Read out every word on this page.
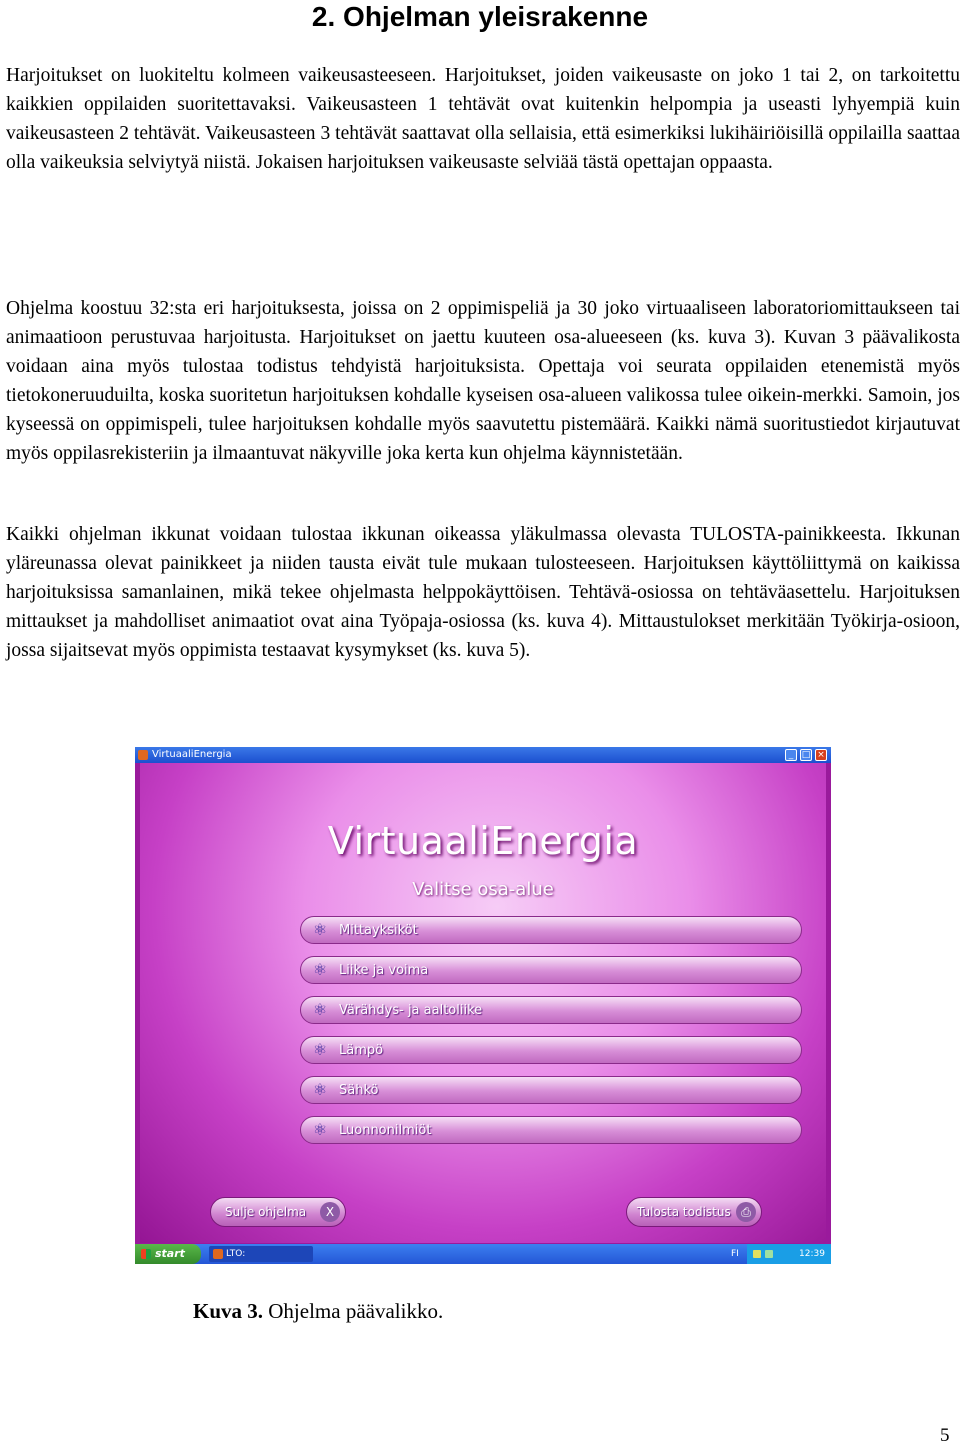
2. Ohjelman yleisrakenne

Harjoitukset on luokiteltu kolmeen vaikeusasteeseen. Harjoitukset, joiden vaikeusaste on joko 1 tai 2, on tarkoitettu kaikkien oppilaiden suoritettavaksi. Vaikeusasteen 1 tehtävät ovat kuitenkin helpompia ja useasti lyhyempiä kuin vaikeusasteen 2 tehtävät. Vaikeusasteen 3 tehtävät saattavat olla sellaisia, että esimerkiksi lukihäiriöisillä oppilailla saattaa olla vaikeuksia selviytyä niistä. Jokaisen harjoituksen vaikeusaste selviää tästä opettajan oppaasta.

Ohjelma koostuu 32:sta eri harjoituksesta, joissa on 2 oppimispeliä ja 30 joko virtuaaliseen laboratoriomittaukseen tai animaatioon perustuvaa harjoitusta. Harjoitukset on jaettu kuuteen osa-alueeseen (ks. kuva 3). Kuvan 3 päävalikosta voidaan aina myös tulostaa todistus tehdyistä harjoituksista. Opettaja voi seurata oppilaiden etenemistä myös tietokoneruuduilta, koska suoritetun harjoituksen kohdalle kyseisen osa-alueen valikossa tulee oikein-merkki. Samoin, jos kyseessä on oppimispeli, tulee harjoituksen kohdalle myös saavutettu pistemäärä. Kaikki nämä suoritustiedot kirjautuvat myös oppilasrekisteriin ja ilmaantuvat näkyville joka kerta kun ohjelma käynnistetään.

Kaikki ohjelman ikkunat voidaan tulostaa ikkunan oikeassa yläkulmassa olevasta TULOSTA-painikkeesta. Ikkunan yläreunassa olevat painikkeet ja niiden tausta eivät tule mukaan tulosteeseen. Harjoituksen käyttöliittymä on kaikissa harjoituksissa samanlainen, mikä tekee ohjelmasta helppokäyttöisen. Tehtävä-osiossa on tehtäväasettelu. Harjoituksen mittaukset ja mahdolliset animaatiot ovat aina Työpaja-osiossa (ks. kuva 4). Mittaustulokset merkitään Työkirja-osioon, jossa sijaitsevat myös oppimista testaavat kysymykset (ks. kuva 5).

VirtuaaliEnergia	_ □ ×
VirtuaaliEnergia
Valitse osa-alue
⚛ Mittayksiköt
⚛ Liike ja voima
⚛ Värähdys- ja aaltoliike
⚛ Lämpö
⚛ Sähkö
⚛ Luonnonilmiöt
Sulje ohjelma	X	Tulosta todistus ⎙
start	LTO: VirtuaaliEnergia
FI	12:39
Kuva 3. Ohjelma päävalikko.
5
